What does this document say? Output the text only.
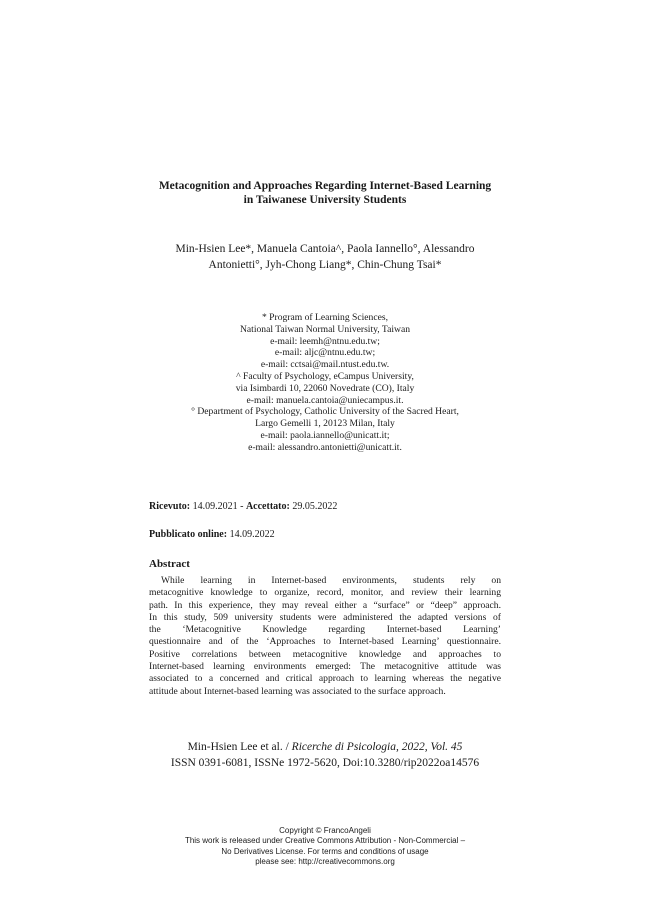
Metacognition and Approaches Regarding Internet-Based Learning
in Taiwanese University Students
Min-Hsien Lee*, Manuela Cantoia^, Paola Iannello°, Alessandro
Antonietti°, Jyh-Chong Liang*, Chin-Chung Tsai*
* Program of Learning Sciences,
National Taiwan Normal University, Taiwan
e-mail: leemh@ntnu.edu.tw;
e-mail: aljc@ntnu.edu.tw;
e-mail: cctsai@mail.ntust.edu.tw.
^ Faculty of Psychology, eCampus University,
via Isimbardi 10, 22060 Novedrate (CO), Italy
e-mail: manuela.cantoia@uniecampus.it.
° Department of Psychology, Catholic University of the Sacred Heart,
Largo Gemelli 1, 20123 Milan, Italy
e-mail: paola.iannello@unicatt.it;
e-mail: alessandro.antonietti@unicatt.it.
Ricevuto: 14.09.2021 - Accettato: 29.05.2022
Pubblicato online: 14.09.2022
Abstract
While learning in Internet-based environments, students rely on
metacognitive knowledge to organize, record, monitor, and review their learning
path. In this experience, they may reveal either a “surface” or “deep” approach.
In this study, 509 university students were administered the adapted versions of
the ‘Metacognitive Knowledge regarding Internet-based Learning’
questionnaire and of the ‘Approaches to Internet-based Learning’ questionnaire.
Positive correlations between metacognitive knowledge and approaches to
Internet-based learning environments emerged: The metacognitive attitude was
associated to a concerned and critical approach to learning whereas the negative
attitude about Internet-based learning was associated to the surface approach.
Min-Hsien Lee et al. / Ricerche di Psicologia, 2022, Vol. 45
ISSN 0391-6081, ISSNe 1972-5620, Doi:10.3280/rip2022oa14576
Copyright © FrancoAngeli
This work is released under Creative Commons Attribution - Non-Commercial –
No Derivatives License. For terms and conditions of usage
please see: http://creativecommons.org
